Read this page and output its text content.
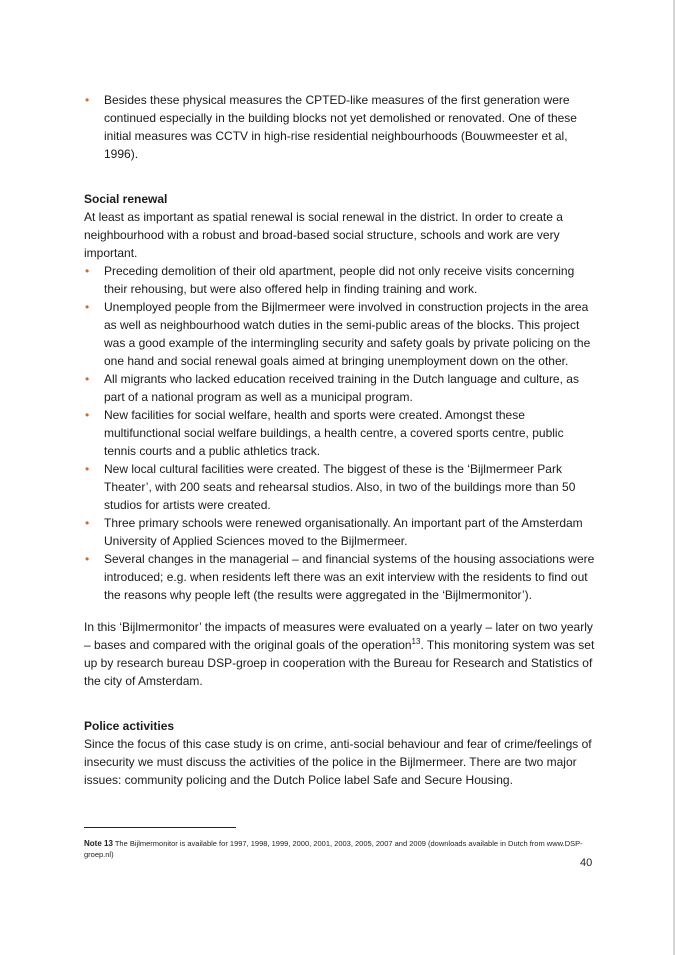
• Besides these physical measures the CPTED-like measures of the first generation were continued especially in the building blocks not yet demolished or renovated. One of these initial measures was CCTV in high-rise residential neighbourhoods (Bouwmeester et al, 1996).

Social renewal

At least as important as spatial renewal is social renewal in the district. In order to create a neighbourhood with a robust and broad-based social structure, schools and work are very important.

• Preceding demolition of their old apartment, people did not only receive visits concerning their rehousing, but were also offered help in finding training and work.
• Unemployed people from the Bijlmermeer were involved in construction projects in the area as well as neighbourhood watch duties in the semi-public areas of the blocks. This project was a good example of the intermingling security and safety goals by private policing on the one hand and social renewal goals aimed at bringing unemployment down on the other.
• All migrants who lacked education received training in the Dutch language and culture, as part of a national program as well as a municipal program.
• New facilities for social welfare, health and sports were created. Amongst these multifunctional social welfare buildings, a health centre, a covered sports centre, public tennis courts and a public athletics track.
• New local cultural facilities were created. The biggest of these is the ‘Bijlmermeer Park Theater’, with 200 seats and rehearsal studios. Also, in two of the buildings more than 50 studios for artists were created.
• Three primary schools were renewed organisationally. An important part of the Amsterdam University of Applied Sciences moved to the Bijlmermeer.
• Several changes in the managerial – and financial systems of the housing associations were introduced; e.g. when residents left there was an exit interview with the residents to find out the reasons why people left (the results were aggregated in the ‘Bijlmermonitor’).

In this ‘Bijlmermonitor’ the impacts of measures were evaluated on a yearly – later on two yearly – bases and compared with the original goals of the operation$^{13}$. This monitoring system was set up by research bureau DSP-groep in cooperation with the Bureau for Research and Statistics of the city of Amsterdam.

Police activities

Since the focus of this case study is on crime, anti-social behaviour and fear of crime/feelings of insecurity we must discuss the activities of the police in the Bijlmermeer. There are two major issues: community policing and the Dutch Police label Safe and Secure Housing.

Note 13 The Bijlmermonitor is available for 1997, 1998, 1999, 2000, 2001, 2003, 2005, 2007 and 2009 (downloads available in Dutch from www.DSP-groep.nl)
40
